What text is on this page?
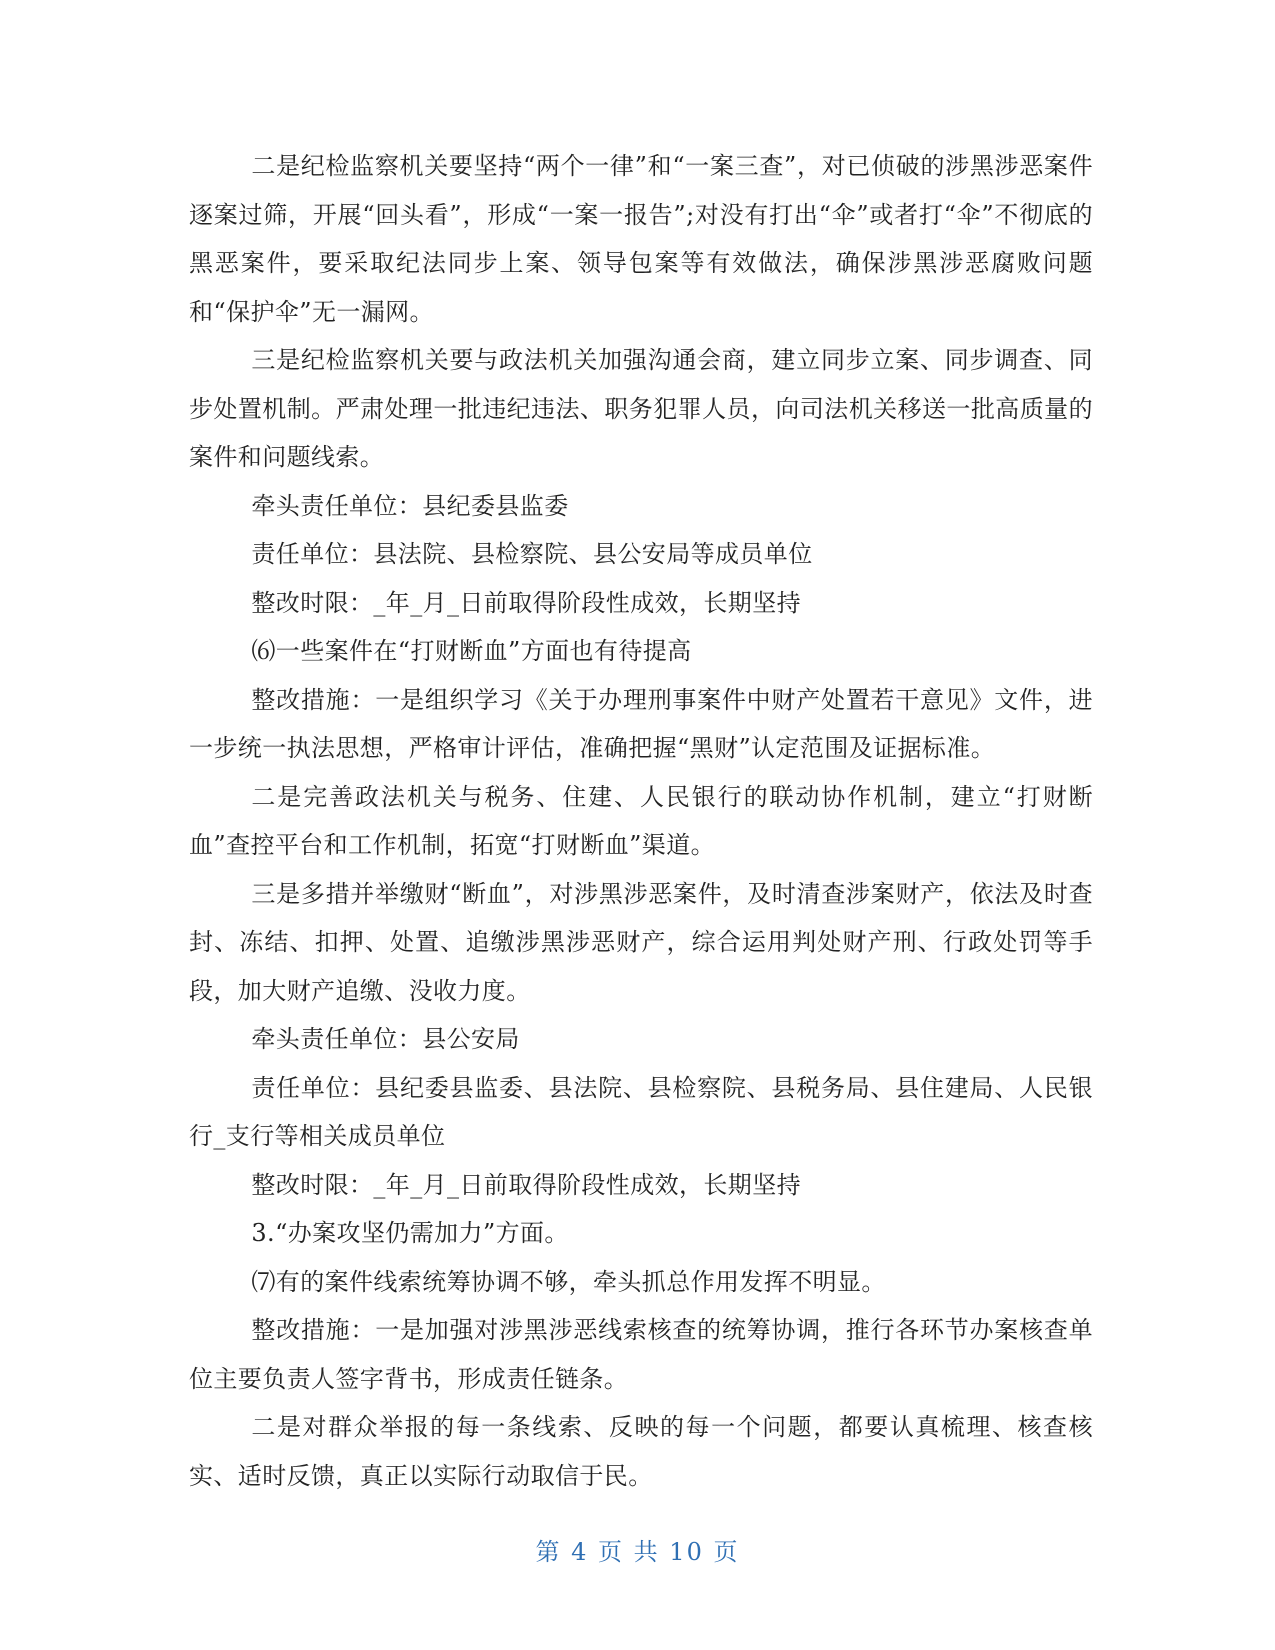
二是纪检监察机关要坚持“两个一律”和“一案三查”，对已侦破的涉黑涉恶案件逐案过筛，开展“回头看”，形成“一案一报告”;对没有打出“伞”或者打“伞”不彻底的黑恶案件，要采取纪法同步上案、领导包案等有效做法，确保涉黑涉恶腐败问题和“保护伞”无一漏网。

三是纪检监察机关要与政法机关加强沟通会商，建立同步立案、同步调查、同步处置机制。严肃处理一批违纪违法、职务犯罪人员，向司法机关移送一批高质量的案件和问题线索。

牵头责任单位：县纪委县监委

责任单位：县法院、县检察院、县公安局等成员单位

整改时限：_年_月_日前取得阶段性成效，长期坚持

⑹一些案件在“打财断血”方面也有待提高

整改措施：一是组织学习《关于办理刑事案件中财产处置若干意见》文件，进一步统一执法思想，严格审计评估，准确把握“黑财”认定范围及证据标准。

二是完善政法机关与税务、住建、人民银行的联动协作机制，建立“打财断血”查控平台和工作机制，拓宽“打财断血”渠道。

三是多措并举缴财“断血”，对涉黑涉恶案件，及时清查涉案财产，依法及时查封、冻结、扣押、处置、追缴涉黑涉恶财产，综合运用判处财产刑、行政处罚等手段，加大财产追缴、没收力度。

牵头责任单位：县公安局

责任单位：县纪委县监委、县法院、县检察院、县税务局、县住建局、人民银行_支行等相关成员单位

整改时限：_年_月_日前取得阶段性成效，长期坚持

3.“办案攻坚仍需加力”方面。

⑺有的案件线索统筹协调不够，牵头抓总作用发挥不明显。

整改措施：一是加强对涉黑涉恶线索核查的统筹协调，推行各环节办案核查单位主要负责人签字背书，形成责任链条。

二是对群众举报的每一条线索、反映的每一个问题，都要认真梳理、核查核实、适时反馈，真正以实际行动取信于民。

第 4 页 共 10 页
